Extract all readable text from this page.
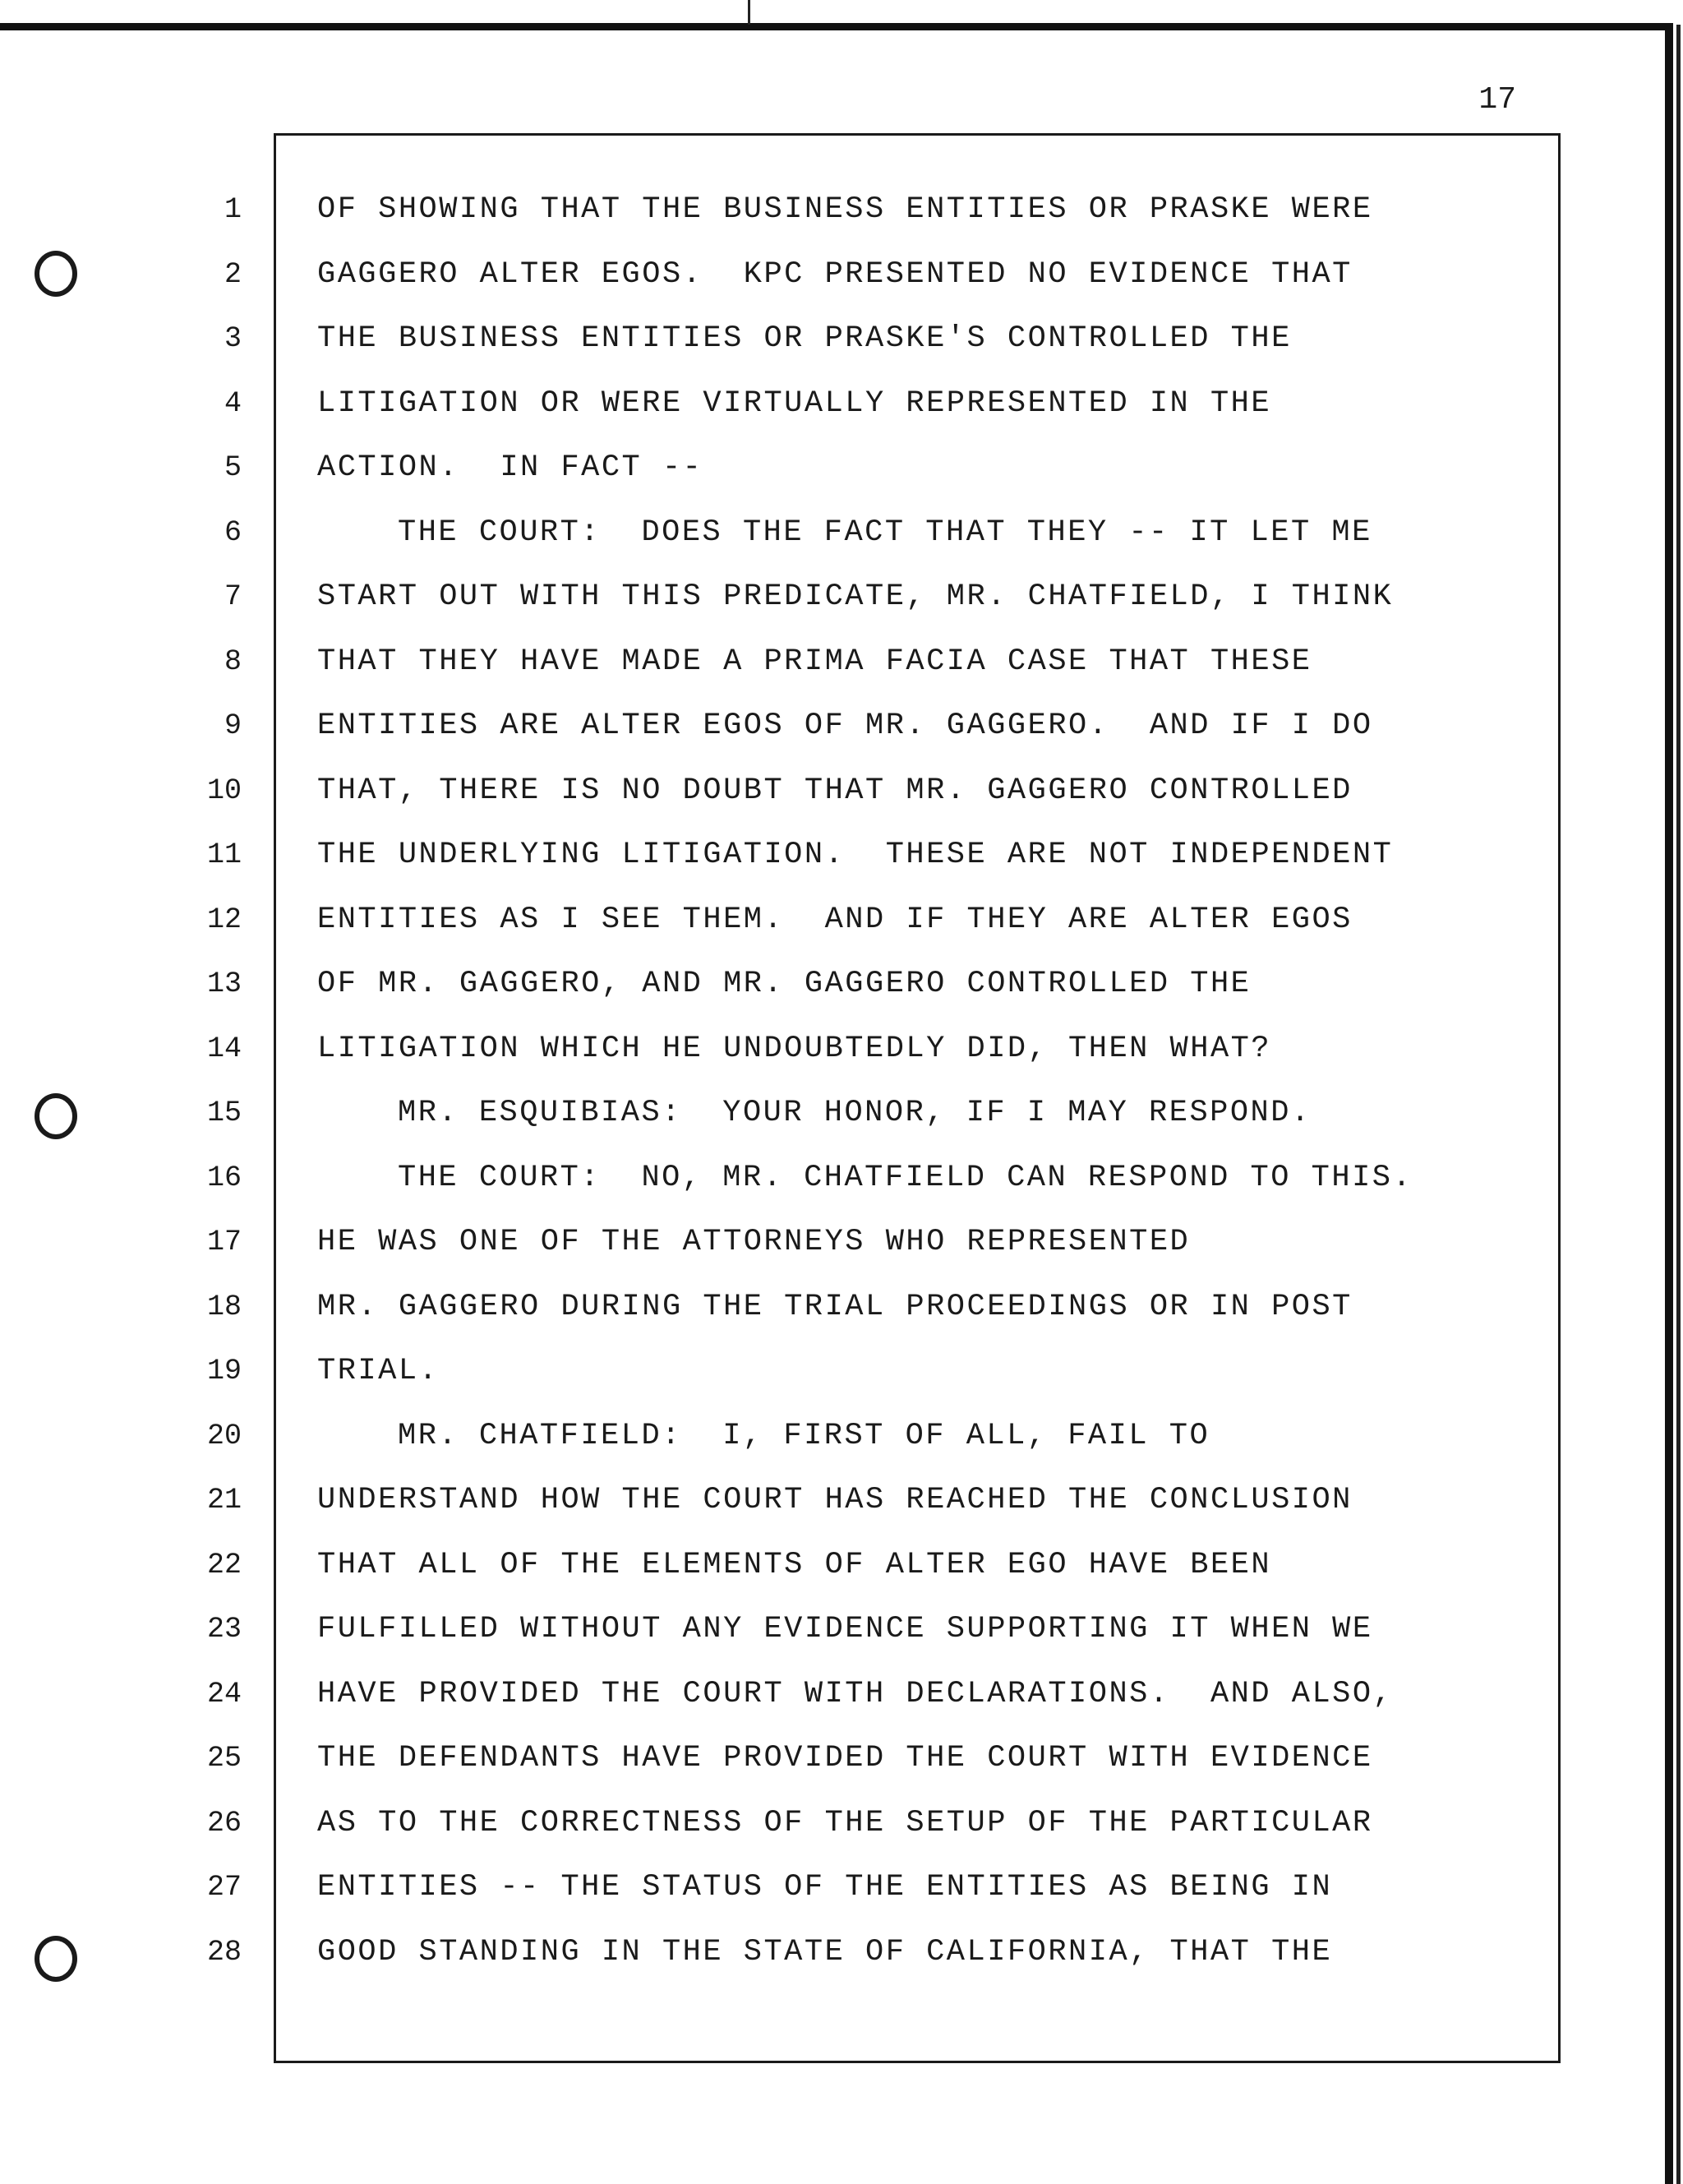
17
1
2
3
4
5
6
7
8
9
10
11
12
13
14
15
16
17
18
19
20
21
22
23
24
25
26
27
28
OF SHOWING THAT THE BUSINESS ENTITIES OR PRASKE WERE
GAGGERO ALTER EGOS.  KPC PRESENTED NO EVIDENCE THAT
THE BUSINESS ENTITIES OR PRASKE'S CONTROLLED THE
LITIGATION OR WERE VIRTUALLY REPRESENTED IN THE
ACTION.  IN FACT --
THE COURT:  DOES THE FACT THAT THEY -- IT LET ME
START OUT WITH THIS PREDICATE, MR. CHATFIELD, I THINK
THAT THEY HAVE MADE A PRIMA FACIA CASE THAT THESE
ENTITIES ARE ALTER EGOS OF MR. GAGGERO.  AND IF I DO
THAT, THERE IS NO DOUBT THAT MR. GAGGERO CONTROLLED
THE UNDERLYING LITIGATION.  THESE ARE NOT INDEPENDENT
ENTITIES AS I SEE THEM.  AND IF THEY ARE ALTER EGOS
OF MR. GAGGERO, AND MR. GAGGERO CONTROLLED THE
LITIGATION WHICH HE UNDOUBTEDLY DID, THEN WHAT?
MR. ESQUIBIAS:  YOUR HONOR, IF I MAY RESPOND.
THE COURT:  NO, MR. CHATFIELD CAN RESPOND TO THIS.
HE WAS ONE OF THE ATTORNEYS WHO REPRESENTED
MR. GAGGERO DURING THE TRIAL PROCEEDINGS OR IN POST
TRIAL.
MR. CHATFIELD:  I, FIRST OF ALL, FAIL TO
UNDERSTAND HOW THE COURT HAS REACHED THE CONCLUSION
THAT ALL OF THE ELEMENTS OF ALTER EGO HAVE BEEN
FULFILLED WITHOUT ANY EVIDENCE SUPPORTING IT WHEN WE
HAVE PROVIDED THE COURT WITH DECLARATIONS.  AND ALSO,
THE DEFENDANTS HAVE PROVIDED THE COURT WITH EVIDENCE
AS TO THE CORRECTNESS OF THE SETUP OF THE PARTICULAR
ENTITIES -- THE STATUS OF THE ENTITIES AS BEING IN
GOOD STANDING IN THE STATE OF CALIFORNIA, THAT THE
